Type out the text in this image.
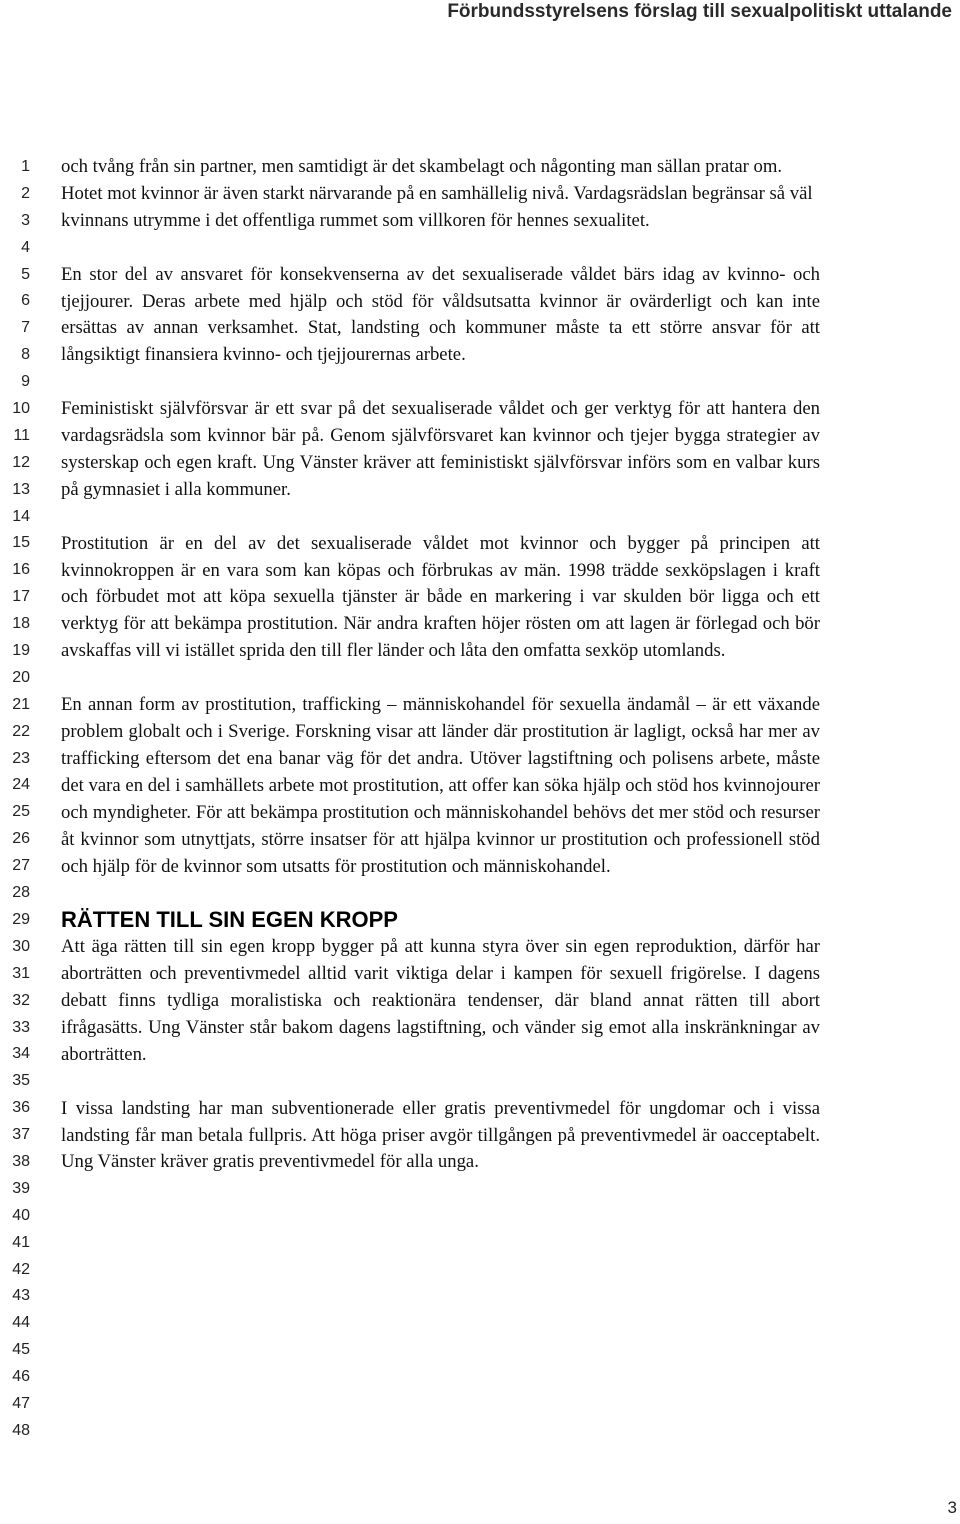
Förbundsstyrelsens förslag till sexualpolitiskt uttalande
1
2
3
4
5
6
7
8
9
10
11
12
13
14
15
16
17
18
19
20
21
22
23
24
25
26
27
28
29
30
31
32
33
34
35
36
37
38
39
40
41
42
43
44
45
46
47
48

och tvång från sin partner, men samtidigt är det skambelagt och någonting man sällan pratar om. Hotet mot kvinnor är även starkt närvarande på en samhällelig nivå. Vardagsrädslan begränsar så väl kvinnans utrymme i det offentliga rummet som villkoren för hennes sexualitet.

En stor del av ansvaret för konsekvenserna av det sexualiserade våldet bärs idag av kvinno- och tjejjourer. Deras arbete med hjälp och stöd för våldsutsatta kvinnor är ovärderligt och kan inte ersättas av annan verksamhet. Stat, landsting och kommuner måste ta ett större ansvar för att långsiktigt finansiera kvinno- och tjejjourernas arbete.

Feministiskt självförsvar är ett svar på det sexualiserade våldet och ger verktyg för att hantera den vardagsrädsla som kvinnor bär på. Genom självförsvaret kan kvinnor och tjejer bygga strategier av systerskap och egen kraft. Ung Vänster kräver att feministiskt självförsvar införs som en valbar kurs på gymnasiet i alla kommuner.

Prostitution är en del av det sexualiserade våldet mot kvinnor och bygger på principen att kvinnokroppen är en vara som kan köpas och förbrukas av män. 1998 trädde sexköpslagen i kraft och förbudet mot att köpa sexuella tjänster är både en markering i var skulden bör ligga och ett verktyg för att bekämpa prostitution. När andra kraften höjer rösten om att lagen är förlegad och bör avskaffas vill vi istället sprida den till fler länder och låta den omfatta sexköp utomlands.

En annan form av prostitution, trafficking – människohandel för sexuella ändamål – är ett växande problem globalt och i Sverige. Forskning visar att länder där prostitution är lagligt, också har mer av trafficking eftersom det ena banar väg för det andra. Utöver lagstiftning och polisens arbete, måste det vara en del i samhällets arbete mot prostitution, att offer kan söka hjälp och stöd hos kvinnojourer och myndigheter. För att bekämpa prostitution och människohandel behövs det mer stöd och resurser åt kvinnor som utnyttjats, större insatser för att hjälpa kvinnor ur prostitution och professionell stöd och hjälp för de kvinnor som utsatts för prostitution och människohandel.

RÄTTEN TILL SIN EGEN KROPP

Att äga rätten till sin egen kropp bygger på att kunna styra över sin egen reproduktion, därför har aborträtten och preventivmedel alltid varit viktiga delar i kampen för sexuell frigörelse. I dagens debatt finns tydliga moralistiska och reaktionära tendenser, där bland annat rätten till abort ifrågasätts. Ung Vänster står bakom dagens lagstiftning, och vänder sig emot alla inskränkningar av aborträtten.

I vissa landsting har man subventionerade eller gratis preventivmedel för ungdomar och i vissa landsting får man betala fullpris. Att höga priser avgör tillgången på preventivmedel är oacceptabelt. Ung Vänster kräver gratis preventivmedel för alla unga.

3
